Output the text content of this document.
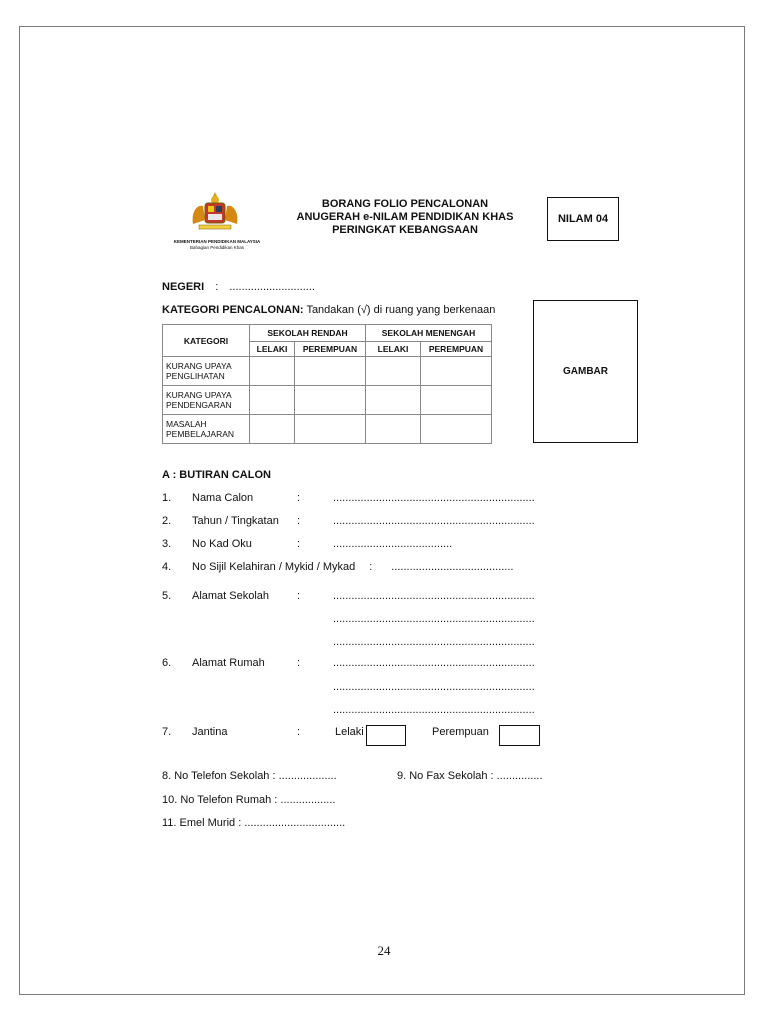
KEMENTERIAN PENDIDIKAN MALAYSIA
Bahagian Pendidikan Khas
BORANG FOLIO PENCALONAN
ANUGERAH e-NILAM PENDIDIKAN KHAS
PERINGKAT KEBANGSAAN
NILAM 04
NEGERI : ............................
KATEGORI PENCALONAN: Tandakan (√) di ruang yang berkenaan
KATEGORI	SEKOLAH RENDAH		SEKOLAH MENENGAH	
	LELAKI	PEREMPUAN	LELAKI	PEREMPUAN

KURANG UPAYA
PENGLIHATAN				

KURANG UPAYA
PENDENGARAN				

MASALAH
PEMBELAJARAN				

GAMBAR
A : BUTIRAN CALON
1. Nama Calon	:	..................................................................
2. Tahun / Tingkatan :	..................................................................
3. No Kad Oku	:	.......................................
4. No Sijil Kelahiran / Mykid / Mykad : ........................................
5. Alamat Sekolah	:	..................................................................
..................................................................
..................................................................
6. Alamat Rumah	:	..................................................................
..................................................................
..................................................................
7. Jantina	:	Lelaki	Perempuan
8. No Telefon Sekolah : ...................	9. No Fax Sekolah : ...............
10. No Telefon Rumah : ..................
11. Emel Murid : .................................
24
